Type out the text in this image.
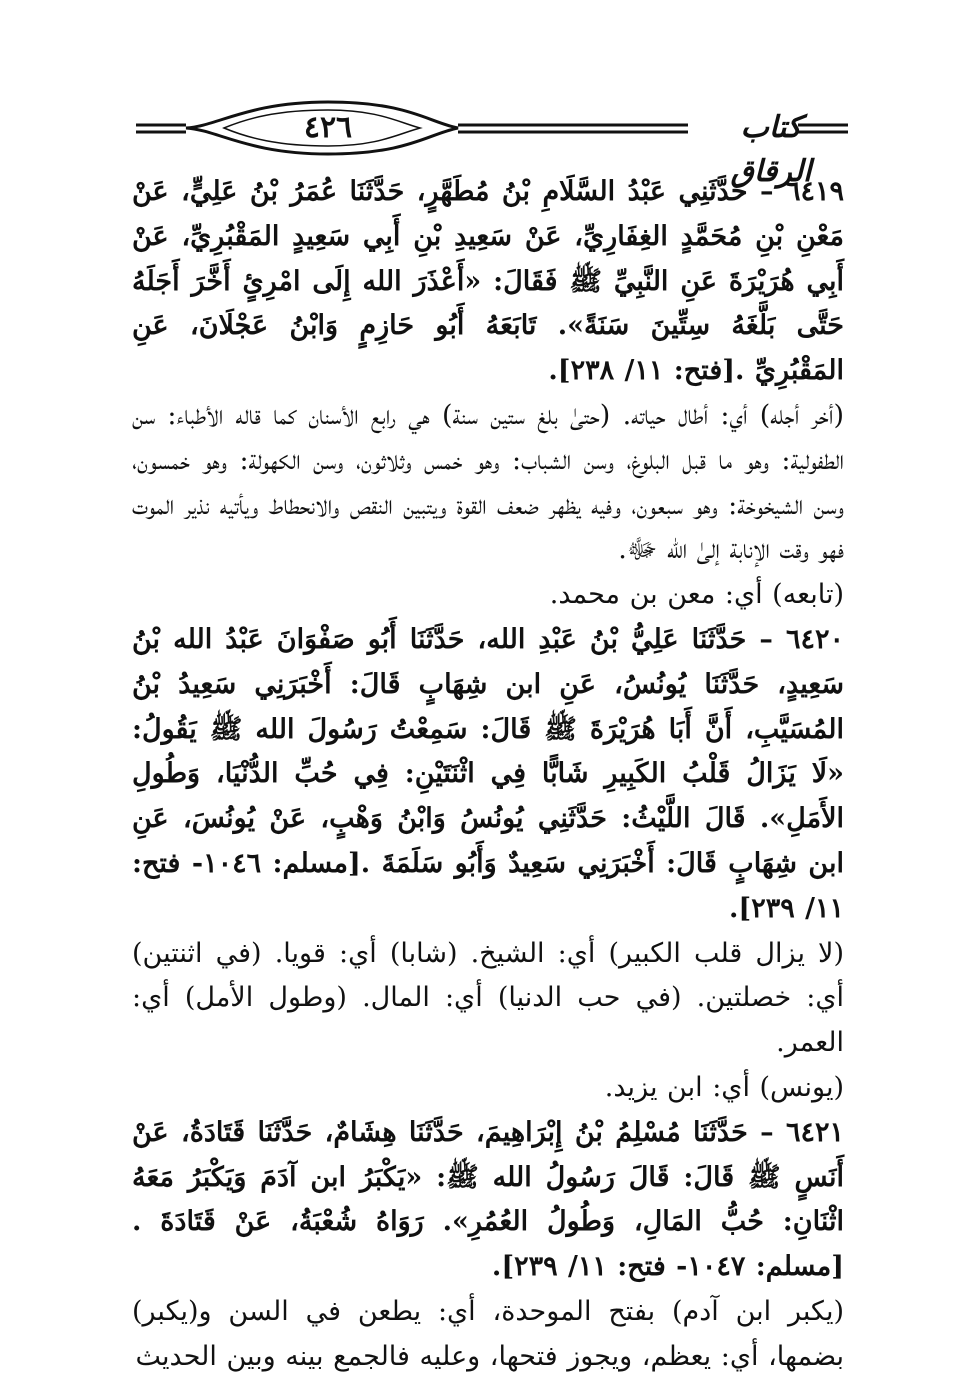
٤٢٦	كتاب الرقاق

٦٤١٩ – حَدَّثَنِي عَبْدُ السَّلَامِ بْنُ مُطَهَّرٍ، حَدَّثَنَا عُمَرُ بْنُ عَلِيٍّ، عَنْ مَعْنِ بْنِ مُحَمَّدٍ الغِفَارِيِّ، عَنْ سَعِيدِ بْنِ أَبِي سَعِيدٍ المَقْبُرِيِّ، عَنْ أَبِي هُرَيْرَةَ عَنِ النَّبِيِّ ﷺ فَقَالَ: «أَعْذَرَ الله إِلَى امْرِئٍ أَخَّرَ أَجَلَهُ حَتَّى بَلَّغَهُ سِتِّينَ سَنَةً». تَابَعَهُ أَبُو حَازِمٍ وَابْنُ عَجْلَانَ، عَنِ المَقْبُرِيِّ .[فتح: ١١/ ٢٣٨].

(أخر أجله) أي: أطال حياته. (حتىٰ بلغ ستين سنة) هي رابع الأسنان كما قاله الأطباء: سن الطفولية: وهو ما قبل البلوغ، وسن الشباب: وهو خمس وثلاثون، وسن الكهولة: وهو خمسون، وسن الشيخوخة: وهو سبعون، وفيه يظهر ضعف القوة ويتبين النقص والانحطاط ويأتيه نذير الموت فهو وقت الإنابة إلىٰ الله ﷻ.

(تابعه) أي: معن بن محمد.

٦٤٢٠ – حَدَّثَنَا عَلِيُّ بْنُ عَبْدِ الله، حَدَّثَنَا أَبُو صَفْوَانَ عَبْدُ الله بْنُ سَعِيدٍ، حَدَّثَنَا يُونُسُ، عَنِ ابن شِهَابٍ قَالَ: أَخْبَرَنِي سَعِيدُ بْنُ المُسَيَّبِ، أَنَّ أَبَا هُرَيْرَةَ ﷺ قَالَ: سَمِعْتُ رَسُولَ الله ﷺ يَقُولُ: «لَا يَزَالُ قَلْبُ الكَبِيرِ شَابًّا فِي اثْنَتَيْنِ: فِي حُبِّ الدُّنْيَا، وَطُولِ الأَمَلِ». قَالَ اللَّيْثُ: حَدَّثَنِي يُونُسُ وَابْنُ وَهْبٍ، عَنْ يُونُسَ، عَنِ ابن شِهَابٍ قَالَ: أَخْبَرَنِي سَعِيدٌ وَأَبُو سَلَمَةَ .[مسلم: ١٠٤٦- فتح: ١١/ ٢٣٩].

(لا يزال قلب الكبير) أي: الشيخ. (شابا) أي: قويا. (في اثنتين) أي: خصلتين. (في حب الدنيا) أي: المال. (وطول الأمل) أي: العمر.

(يونس) أي: ابن يزيد.

٦٤٢١ – حَدَّثَنَا مُسْلِمُ بْنُ إِبْرَاهِيمَ، حَدَّثَنَا هِشَامٌ، حَدَّثَنَا قَتَادَةُ، عَنْ أَنَسٍ ﷺ قَالَ: قَالَ رَسُولُ الله ﷺ: «يَكْبَرُ ابن آدَمَ وَيَكْبَرُ مَعَهُ اثْنَانِ: حُبُّ المَالِ، وَطُولُ العُمُرِ». رَوَاهُ شُعْبَةُ، عَنْ قَتَادَةَ .[مسلم: ١٠٤٧- فتح: ١١/ ٢٣٩].

(يكبر ابن آدم) بفتح الموحدة، أي: يطعن في السن و(يكبر) بضمها، أي: يعظم، ويجوز فتحها، وعليه فالجمع بينه وبين الحديث
